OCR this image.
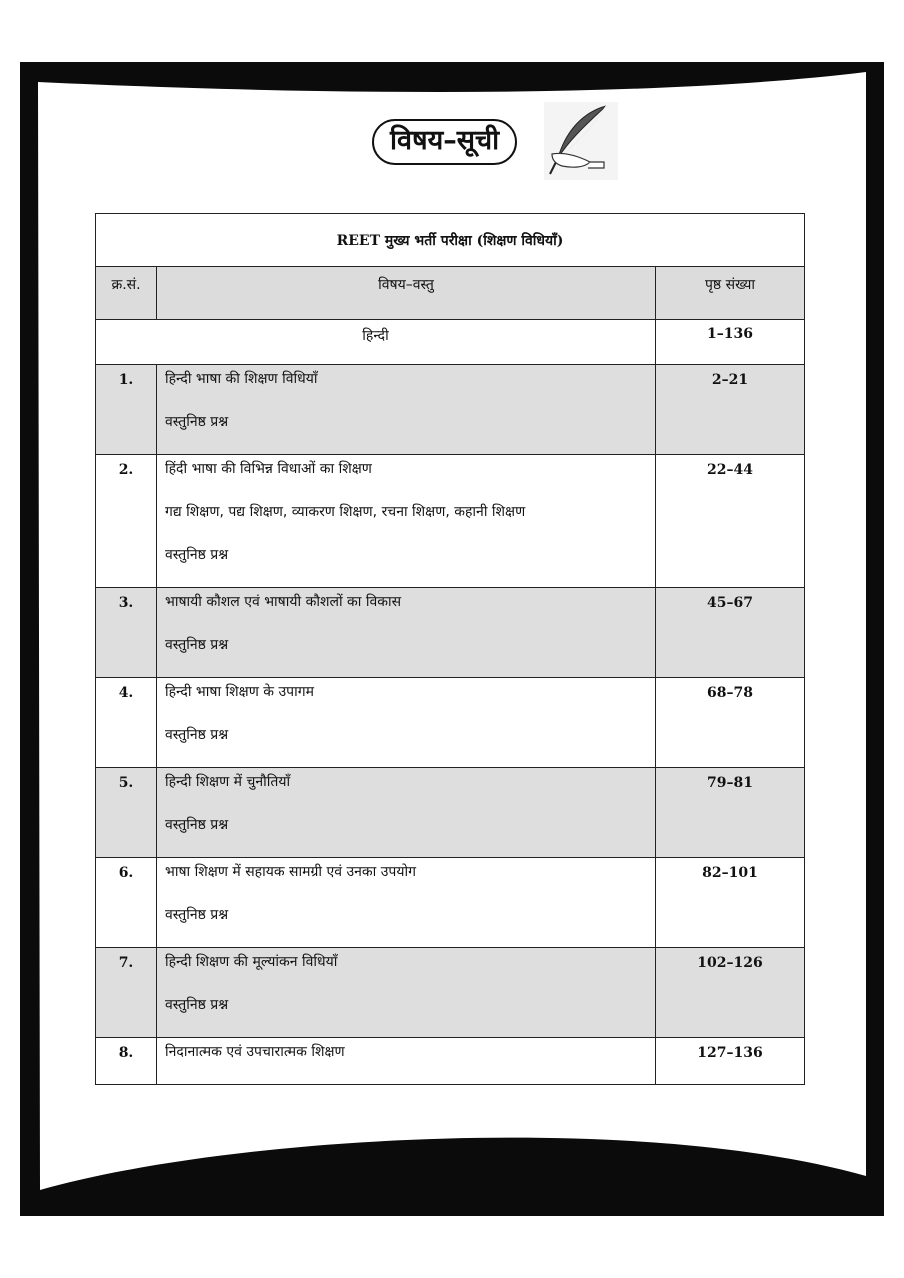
विषय–सूची
REET मुख्य भर्ती परीक्षा (शिक्षण विधियाँ)		

क्र.सं.	विषय–वस्तु	पृष्ठ संख्या

हिन्दी		1–136

1.	हिन्दी भाषा की शिक्षण विधियाँ
वस्तुनिष्ठ प्रश्न	2–21

2.	हिंदी भाषा की विभिन्न विधाओं का शिक्षण
गद्य शिक्षण, पद्य शिक्षण, व्याकरण शिक्षण, रचना शिक्षण, कहानी शिक्षण
वस्तुनिष्ठ प्रश्न	22–44

3.	भाषायी कौशल एवं भाषायी कौशलों का विकास
वस्तुनिष्ठ प्रश्न	45–67

4.	हिन्दी भाषा शिक्षण के उपागम
वस्तुनिष्ठ प्रश्न	68–78

5.	हिन्दी शिक्षण में चुनौतियाँ
वस्तुनिष्ठ प्रश्न	79–81

6.	भाषा शिक्षण में सहायक सामग्री एवं उनका उपयोग
वस्तुनिष्ठ प्रश्न	82–101

7.	हिन्दी शिक्षण की मूल्यांकन विधियाँ
वस्तुनिष्ठ प्रश्न	102–126

8.	निदानात्मक एवं उपचारात्मक शिक्षण	127–136
